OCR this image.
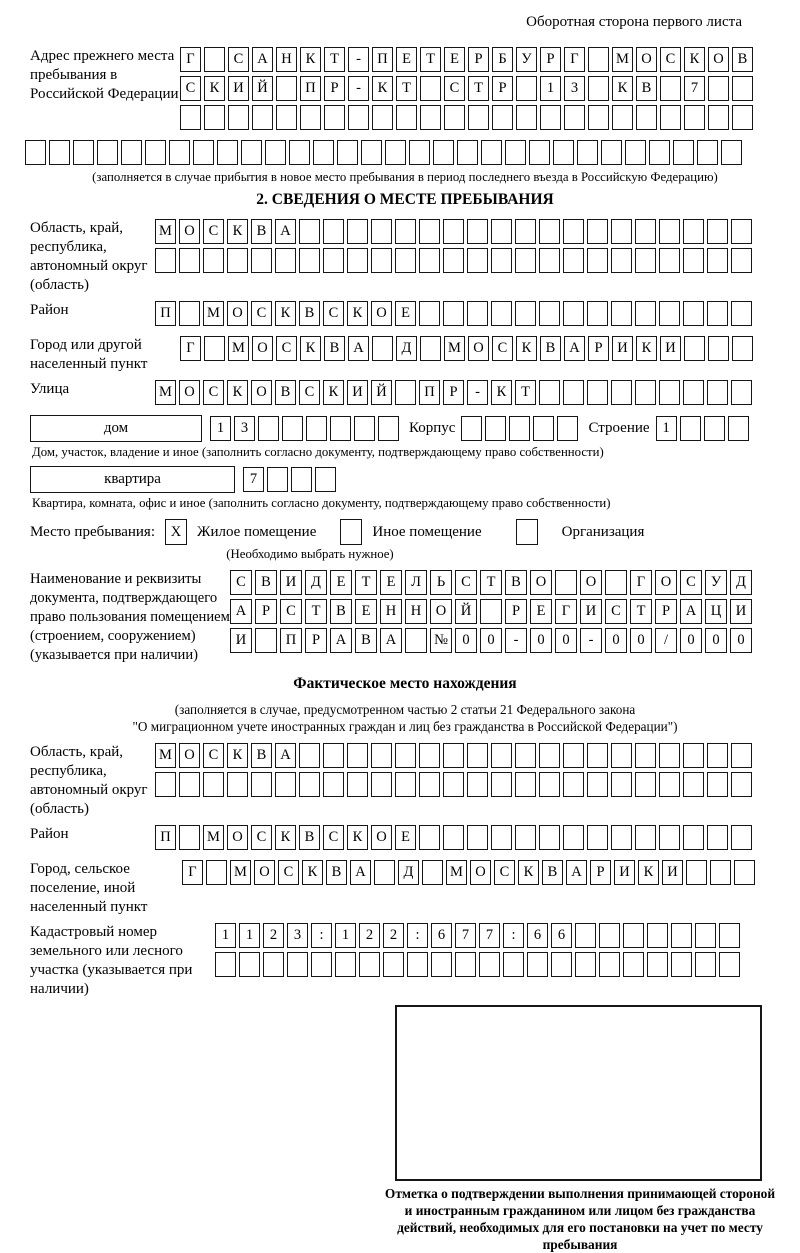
Оборотная сторона первого листа
Адрес прежнего места пребывания в Российской Федерации
Г	С А Н К	Т	-	П Е	Т	Е	Р	Б	У	Р	Г	М О С К О В
С К И Й	П	Р	-	К	Т	С	Т	Р	1	3	К В	7
(заполняется в случае прибытия в новое место пребывания в период последнего въезда в Российскую Федерацию)
2. СВЕДЕНИЯ О МЕСТЕ ПРЕБЫВАНИЯ
Область, край, республика, автономный округ (область)
М О С К В А
Район	П	М О С К В С К О Е
Город или другой населенный пункт
Г	М О С К В А	Д	М О С К В А	Р	И К И
Улица	М О С К О В С К И Й	П	Р	-	К	Т
дом	1	3	Корпус	Строение 1
Дом, участок, владение и иное (заполнить согласно документу, подтверждающему право собственности)
квартира	7
Квартира, комната, офис и иное (заполнить согласно документу, подтверждающему право собственности)
Место пребывания:	X	Жилое помещение	Иное помещение	Организация
(Необходимо выбрать нужное)
Наименование и реквизиты документа, подтверждающего право пользования помещением (строением, сооружением) (указывается при наличии)
С	В	И	Д	Е	Т	Е	Л	Ь	С	Т	В	О	О	Г	О	С	У	Д
А	Р	С	Т	В	Е	Н	Н	О	Й	Р	Е	Г	И	С	Т	Р	А	Ц	И
И	П	Р	А	В	А	№ 0	0	-	0	0	-	0	0	/	0	0	0
Фактическое место нахождения
(заполняется в случае, предусмотренном частью 2 статьи 21 Федерального закона
"О миграционном учете иностранных граждан и лиц без гражданства в Российской Федерации")
Область, край, республика, автономный округ (область)
М О С К В А
Район	П	М О С К В С К О Е
Город, сельское поселение, иной населенный пункт
Г	М О С К В А	Д	М О С К В А	Р	И К И
Кадастровый номер земельного или лесного участка (указывается при наличии)
1	1	2	3	:	1	2	2	:	6	7	7	:	6	6
Отметка о подтверждении выполнения принимающей стороной и иностранным гражданином или лицом без гражданства действий, необходимых для его постановки на учет по месту пребывания
